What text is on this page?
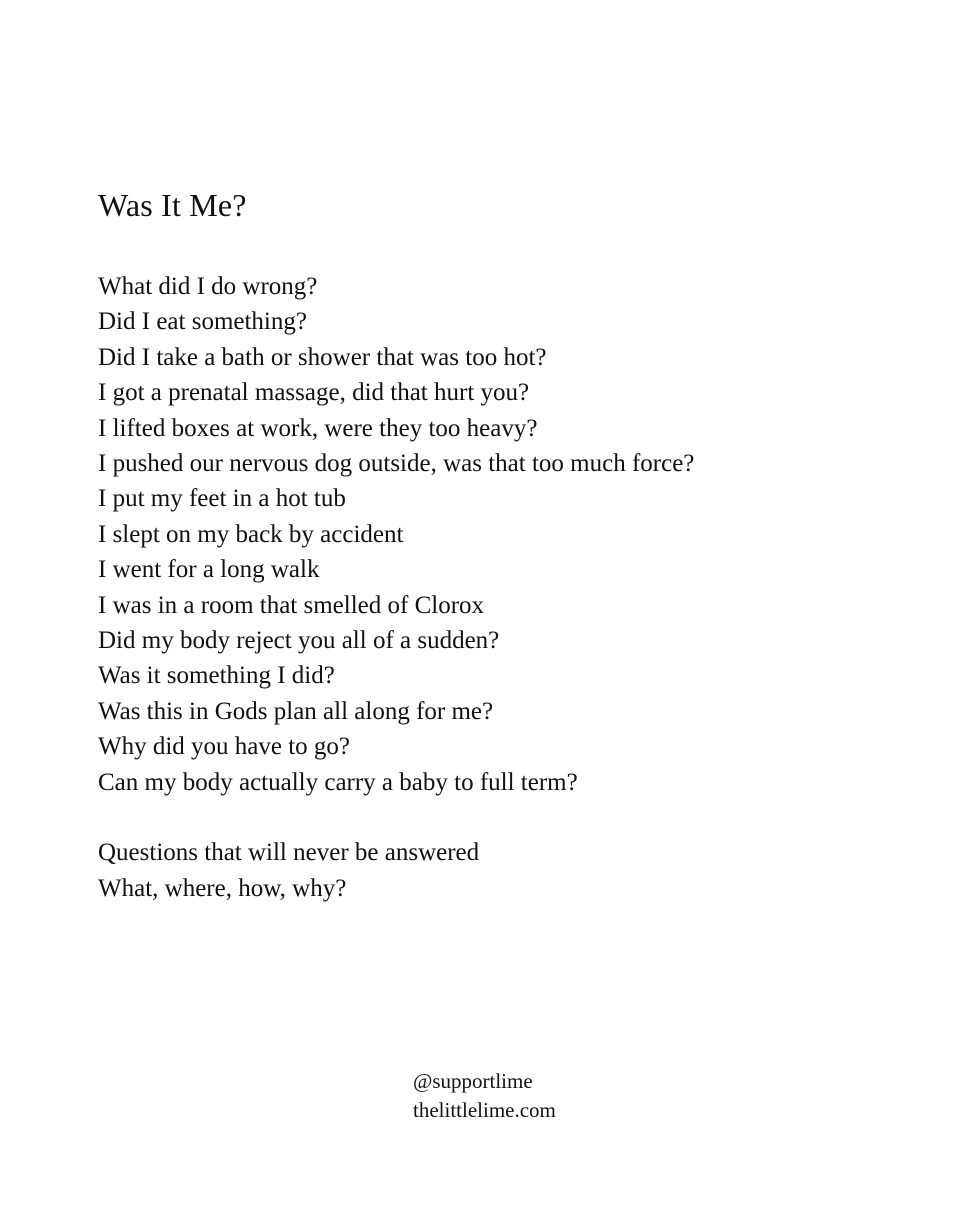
Was It Me?
What did I do wrong?
Did I eat something?
Did I take a bath or shower that was too hot?
I got a prenatal massage, did that hurt you?
I lifted boxes at work, were they too heavy?
I pushed our nervous dog outside, was that too much force?
I put my feet in a hot tub
I slept on my back by accident
I went for a long walk
I was in a room that smelled of Clorox
Did my body reject you all of a sudden?
Was it something I did?
Was this in Gods plan all along for me?
Why did you have to go?
Can my body actually carry a baby to full term?
Questions that will never be answered
What, where, how, why?
@supportlime
thelittlelime.com
